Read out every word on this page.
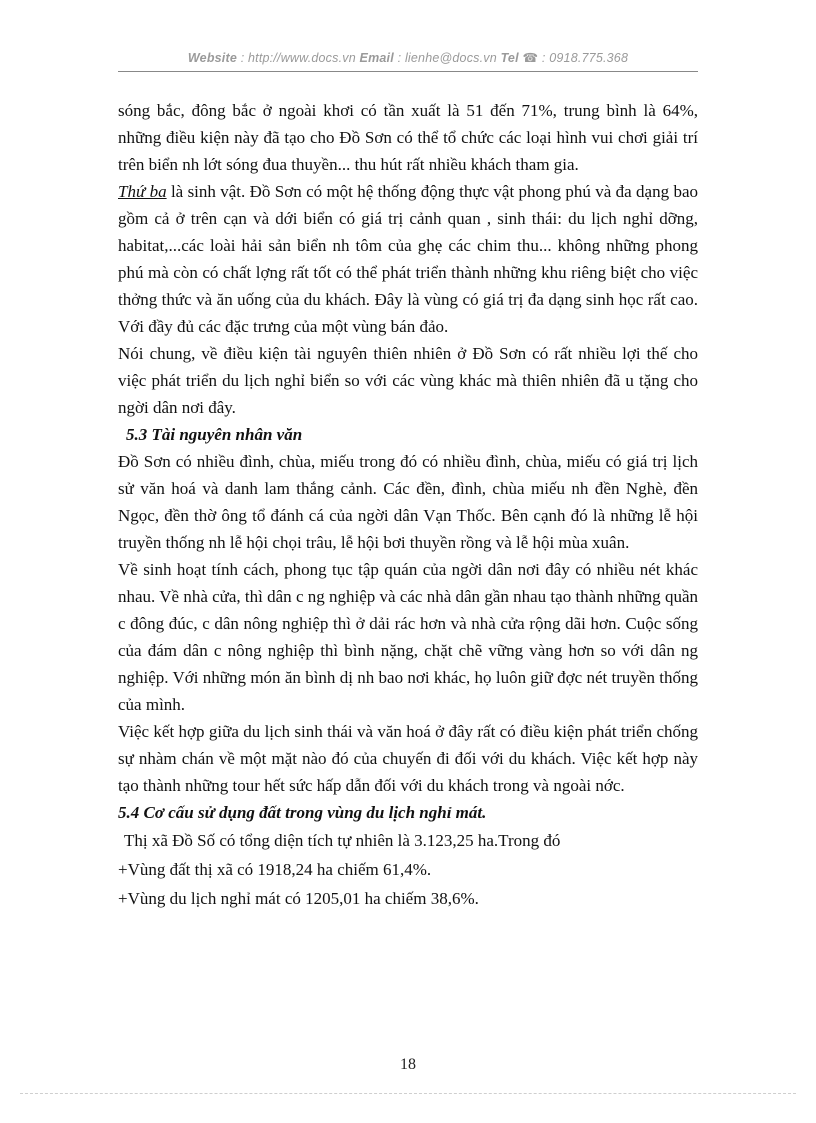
Website : http://www.docs.vn Email : lienhe@docs.vn Tel ☎ : 0918.775.368

sóng bắc, đông bắc ở ngoài khơi có tần xuất là 51 đến 71%, trung bình là 64%, những điều kiện này đã tạo cho Đồ Sơn có thể tổ chức các loại hình vui chơi giải trí trên biển nh lớt sóng đua thuyền... thu hút rất nhiều khách tham gia.

Thứ ba là sinh vật. Đồ Sơn có một hệ thống động thực vật phong phú và đa dạng bao gồm cả ở trên cạn và dới biển có giá trị cảnh quan , sinh thái: du lịch nghỉ dỡng, habitat,...các loài hải sản biển nh tôm của ghẹ các chim thu... không những phong phú mà còn có chất lợng rất tốt có thể phát triển thành những khu riêng biệt cho việc thởng thức và ăn uống của du khách. Đây là vùng có giá trị đa dạng sinh học rất cao. Với đầy đủ các đặc trưng của một vùng bán đảo.

Nói chung, về điều kiện tài nguyên thiên nhiên ở Đồ Sơn có rất nhiều lợi thế cho việc phát triển du lịch nghỉ biển so với các vùng khác mà thiên nhiên đã u tặng cho ngời dân nơi đây.

5.3 Tài nguyên nhân văn

Đồ Sơn có nhiều đình, chùa, miếu trong đó có nhiều đình, chùa, miếu có giá trị lịch sử văn hoá và danh lam thắng cảnh. Các đền, đình, chùa miếu nh đền Nghè, đền Ngọc, đền thờ ông tổ đánh cá của ngời dân Vạn Thốc. Bên cạnh đó là những lễ hội truyền thống nh lễ hội chọi trâu, lễ hội bơi thuyền rồng và lễ hội mùa xuân.

Về sinh hoạt tính cách, phong tục tập quán của ngời dân nơi đây có nhiều nét khác nhau. Về nhà cửa, thì dân c ng nghiệp và các nhà dân gần nhau tạo thành những quần c đông đúc, c dân nông nghiệp thì ở dải rác hơn và nhà cửa rộng dãi hơn. Cuộc sống của đám dân c nông nghiệp thì bình nặng, chặt chẽ vững vàng hơn so với dân ng nghiệp. Với những món ăn bình dị nh bao nơi khác, họ luôn giữ đợc nét truyền thống của mình.

Việc kết hợp giữa du lịch sinh thái và văn hoá ở đây rất có điều kiện phát triển chống sự nhàm chán về một mặt nào đó của chuyến đi đối với du khách. Việc kết hợp này tạo thành những tour hết sức hấp dẫn đối với du khách trong và ngoài nớc.

5.4 Cơ cấu sử dụng đất trong vùng du lịch nghỉ mát.

Thị xã Đồ Số có tổng diện tích tự nhiên là 3.123,25 ha.Trong đó

+Vùng đất thị xã có 1918,24 ha chiếm 61,4%.

+Vùng du lịch nghỉ mát có 1205,01 ha chiếm 38,6%.

18
